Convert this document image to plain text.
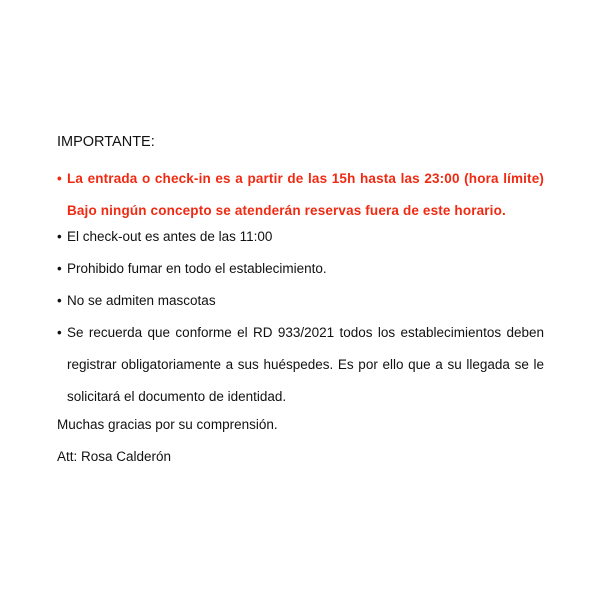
IMPORTANTE:
• La entrada o check-in es a partir de las 15h hasta las 23:00 (hora límite) Bajo ningún concepto se atenderán reservas fuera de este horario.
• El check-out es antes de las 11:00
• Prohibido fumar en todo el establecimiento.
• No se admiten mascotas
• Se recuerda que conforme el RD 933/2021 todos los establecimientos deben registrar obligatoriamente a sus huéspedes. Es por ello que a su llegada se le solicitará el documento de identidad.
Muchas gracias por su comprensión.
Att: Rosa Calderón
